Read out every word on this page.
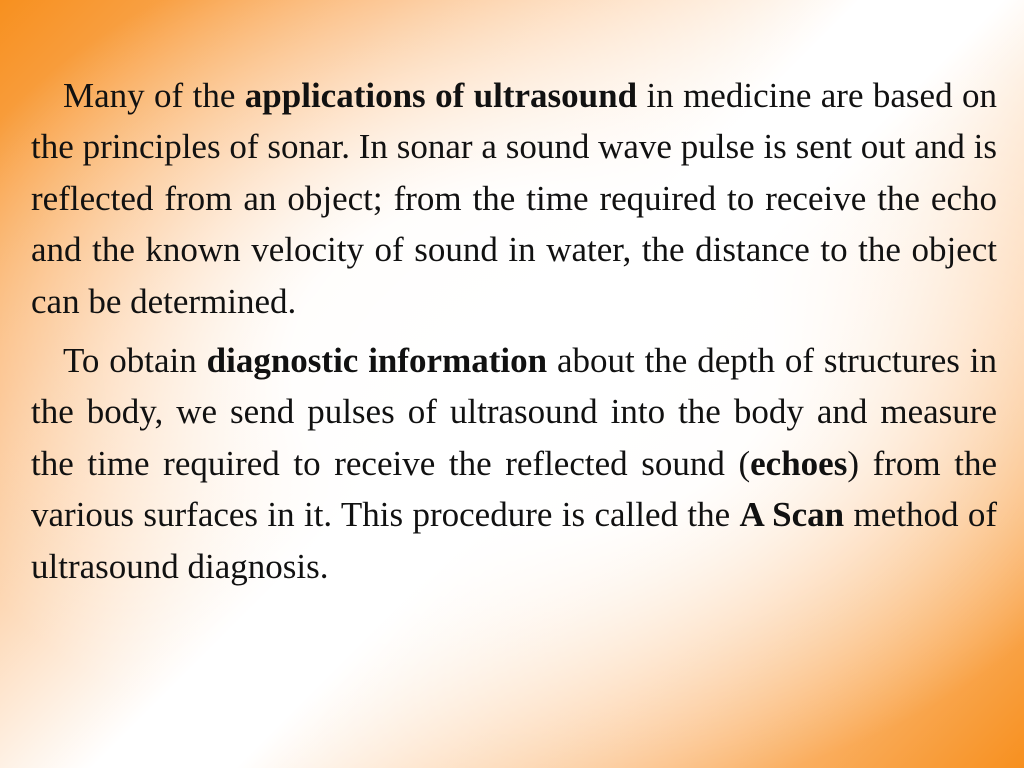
Many of the applications of ultrasound in medicine are based on the principles of sonar. In sonar a sound wave pulse is sent out and is reflected from an object; from the time required to receive the echo and the known velocity of sound in water, the distance to the object can be determined.

To obtain diagnostic information about the depth of structures in the body, we send pulses of ultrasound into the body and measure the time required to receive the reflected sound (echoes) from the various surfaces in it. This procedure is called the A Scan method of ultrasound diagnosis.
